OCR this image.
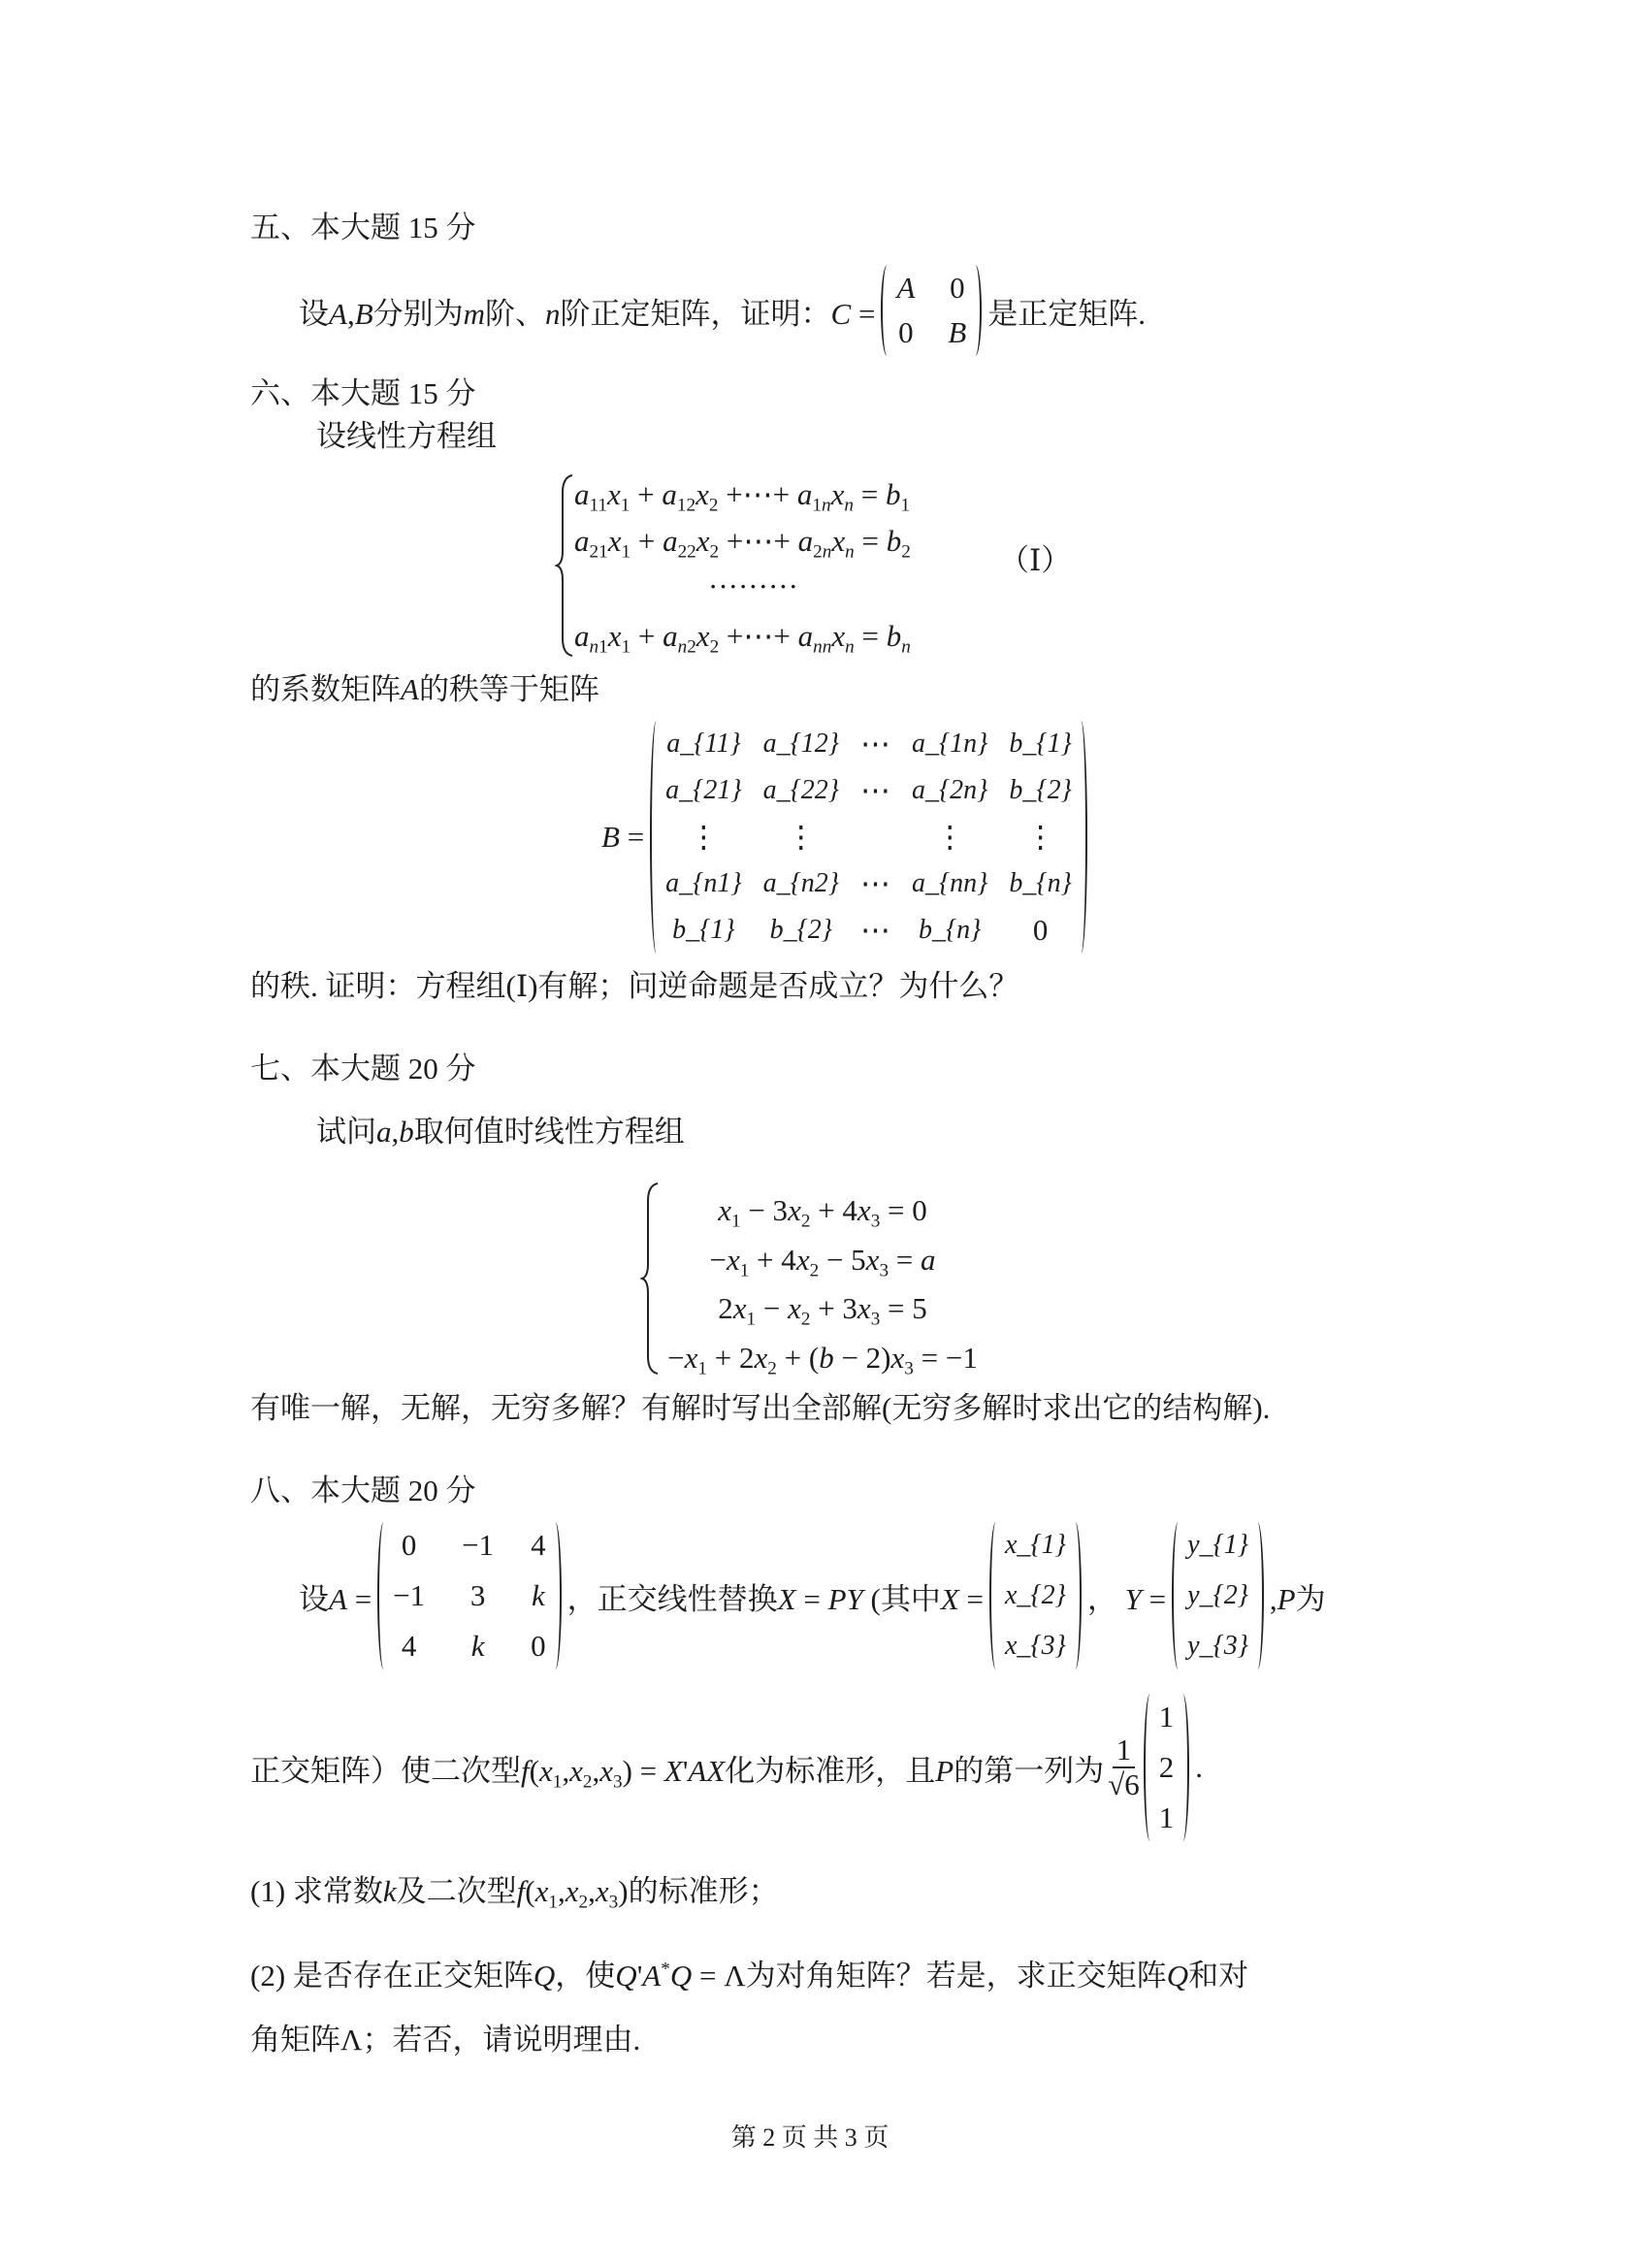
五、本大题 15 分
设A,B分别为m阶、n阶正定矩阵，证明：C =
A 0
0 B
是正定矩阵.
六、本大题 15 分
设线性方程组
$a_{11}x_1 + a_{12}x_2$ +⋯+ $a_{1n}x_n = b_1$
$a_{21}x_1 + a_{22}x_2$ +⋯+ $a_{2n}x_n = b_2$
·········
$a_{n1}x_1 + a_{n2}x_2$ +⋯+ $a_{nn}x_n = b_n$
（Ⅰ）
的系数矩阵A的秩等于矩阵
B =
a_{11} a_{12} ⋯ a_{1n} b_{1}
a_{21} a_{22} ⋯ a_{2n} b_{2}
⋮ ⋮	⋮ ⋮
a_{n1} a_{n2} ⋯ a_{nn} b_{n}
b_{1} b_{2} ⋯ b_{n} 0
的秩. 证明：方程组(Ⅰ)有解；问逆命题是否成立？为什么？
七、本大题 20 分
试问a,b取何值时线性方程组
$x_1 - 3x_2 + 4x_3 = 0$
$-x_1 + 4x_2 - 5x_3 = a$
$2x_1 - x_2 + 3x_3 = 5$
$-x_1 + 2x_2 + (b - 2)x_3 = -1$
有唯一解，无解，无穷多解？有解时写出全部解(无穷多解时求出它的结构解).
八、本大题 20 分
设A =
0 −1 4
−1 3 k
4 k 0
，正交线性替换X = PY (其中X =
x_{1}
x_{2}
x_{3}
， Y =
y_{1}
y_{2}
y_{3}
,P为
正交矩阵）使二次型$f(x_1,x_2,x_3) = X'AX$化为标准形，且P的第一列为 $\frac{1}{√6}$
1
2
1
.
(1) 求常数k及二次型$f(x_1,x_2,x_3)$的标准形；
(2) 是否存在正交矩阵Q，使Q'A*Q = Λ为对角矩阵？若是，求正交矩阵Q和对
角矩阵Λ；若否，请说明理由.
第 2 页 共 3 页
